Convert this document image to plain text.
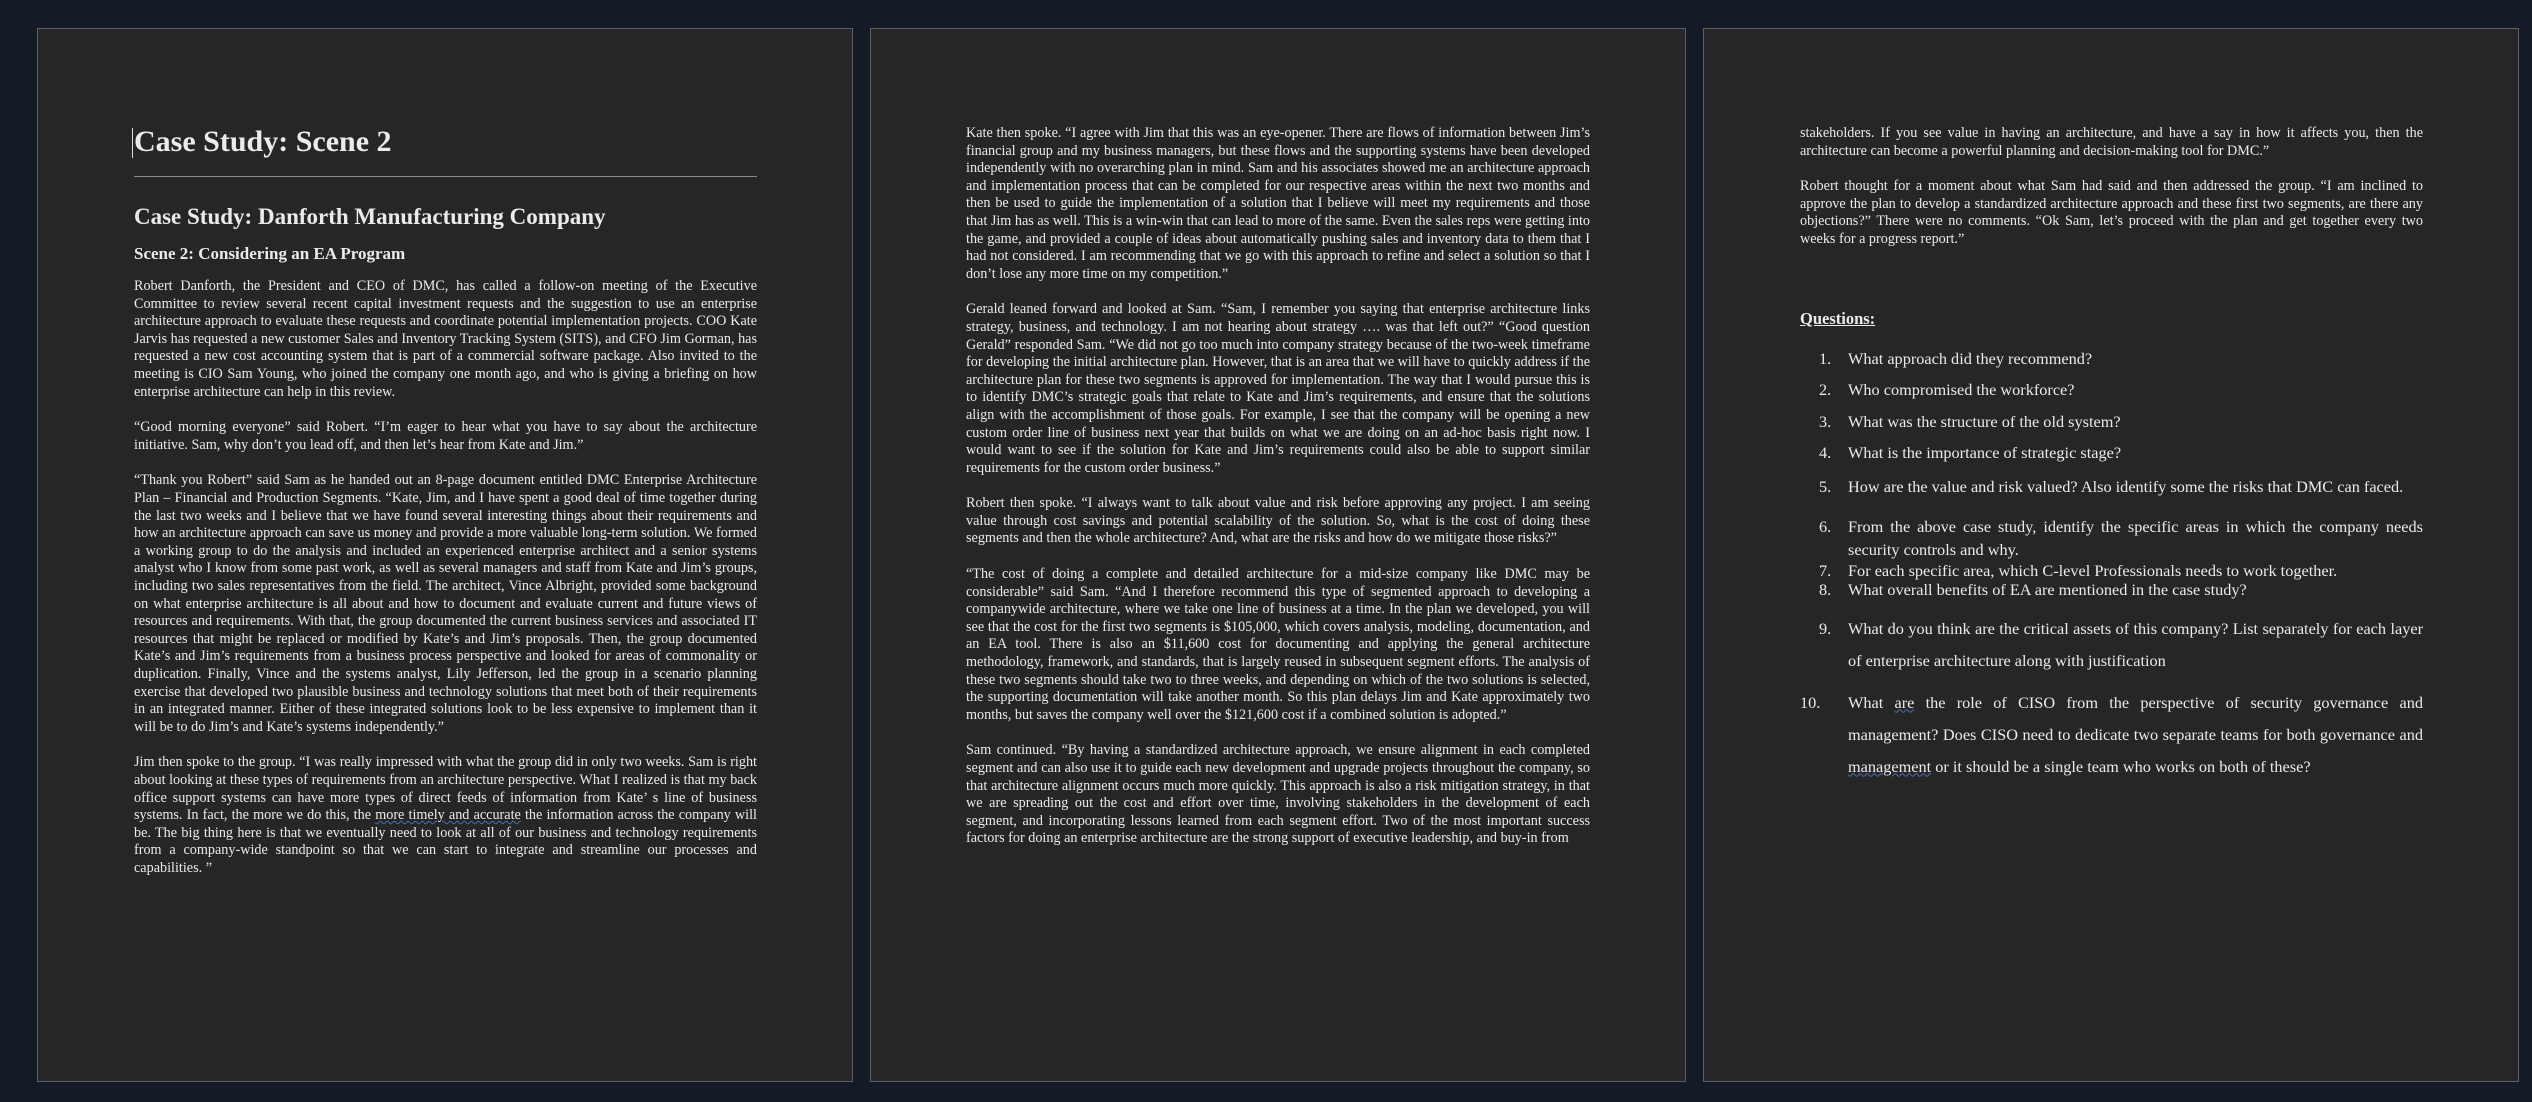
Case Study: Scene 2
Case Study: Danforth Manufacturing Company
Scene 2: Considering an EA Program

Robert Danforth, the President and CEO of DMC, has called a follow-on meeting of the Executive Committee to review several recent capital investment requests and the suggestion to use an enterprise architecture approach to evaluate these requests and coordinate potential implementation projects. COO Kate Jarvis has requested a new customer Sales and Inventory Tracking System (SITS), and CFO Jim Gorman, has requested a new cost accounting system that is part of a commercial software package. Also invited to the meeting is CIO Sam Young, who joined the company one month ago, and who is giving a briefing on how enterprise architecture can help in this review.

“Good morning everyone” said Robert. “I’m eager to hear what you have to say about the architecture initiative. Sam, why don’t you lead off, and then let’s hear from Kate and Jim.”

“Thank you Robert” said Sam as he handed out an 8-page document entitled DMC Enterprise Architecture Plan – Financial and Production Segments. “Kate, Jim, and I have spent a good deal of time together during the last two weeks and I believe that we have found several interesting things about their requirements and how an architecture approach can save us money and provide a more valuable long-term solution. We formed a working group to do the analysis and included an experienced enterprise architect and a senior systems analyst who I know from some past work, as well as several managers and staff from Kate and Jim’s groups, including two sales representatives from the field. The architect, Vince Albright, provided some background on what enterprise architecture is all about and how to document and evaluate current and future views of resources and requirements. With that, the group documented the current business services and associated IT resources that might be replaced or modified by Kate’s and Jim’s proposals. Then, the group documented Kate’s and Jim’s requirements from a business process perspective and looked for areas of commonality or duplication. Finally, Vince and the systems analyst, Lily Jefferson, led the group in a scenario planning exercise that developed two plausible business and technology solutions that meet both of their requirements in an integrated manner. Either of these integrated solutions look to be less expensive to implement than it will be to do Jim’s and Kate’s systems independently.”

Jim then spoke to the group. “I was really impressed with what the group did in only two weeks. Sam is right about looking at these types of requirements from an architecture perspective. What I realized is that my back office support systems can have more types of direct feeds of information from Kate’ s line of business systems. In fact, the more we do this, the more timely and accurate the information across the company will be. The big thing here is that we eventually need to look at all of our business and technology requirements from a company-wide standpoint so that we can start to integrate and streamline our processes and capabilities. ”

Kate then spoke. “I agree with Jim that this was an eye-opener. There are flows of information between Jim’s financial group and my business managers, but these flows and the supporting systems have been developed independently with no overarching plan in mind. Sam and his associates showed me an architecture approach and implementation process that can be completed for our respective areas within the next two months and then be used to guide the implementation of a solution that I believe will meet my requirements and those that Jim has as well. This is a win-win that can lead to more of the same. Even the sales reps were getting into the game, and provided a couple of ideas about automatically pushing sales and inventory data to them that I had not considered. I am recommending that we go with this approach to refine and select a solution so that I don’t lose any more time on my competition.”

Gerald leaned forward and looked at Sam. “Sam, I remember you saying that enterprise architecture links strategy, business, and technology. I am not hearing about strategy …. was that left out?” “Good question Gerald” responded Sam. “We did not go too much into company strategy because of the two-week timeframe for developing the initial architecture plan. However, that is an area that we will have to quickly address if the architecture plan for these two segments is approved for implementation. The way that I would pursue this is to identify DMC’s strategic goals that relate to Kate and Jim’s requirements, and ensure that the solutions align with the accomplishment of those goals. For example, I see that the company will be opening a new custom order line of business next year that builds on what we are doing on an ad-hoc basis right now. I would want to see if the solution for Kate and Jim’s requirements could also be able to support similar requirements for the custom order business.”

Robert then spoke. “I always want to talk about value and risk before approving any project. I am seeing value through cost savings and potential scalability of the solution. So, what is the cost of doing these segments and then the whole architecture? And, what are the risks and how do we mitigate those risks?”

“The cost of doing a complete and detailed architecture for a mid-size company like DMC may be considerable” said Sam. “And I therefore recommend this type of segmented approach to developing a companywide architecture, where we take one line of business at a time. In the plan we developed, you will see that the cost for the first two segments is $105,000, which covers analysis, modeling, documentation, and an EA tool. There is also an $11,600 cost for documenting and applying the general architecture methodology, framework, and standards, that is largely reused in subsequent segment efforts. The analysis of these two segments should take two to three weeks, and depending on which of the two solutions is selected, the supporting documentation will take another month. So this plan delays Jim and Kate approximately two months, but saves the company well over the $121,600 cost if a combined solution is adopted.”

Sam continued. “By having a standardized architecture approach, we ensure alignment in each completed segment and can also use it to guide each new development and upgrade projects throughout the company, so that architecture alignment occurs much more quickly. This approach is also a risk mitigation strategy, in that we are spreading out the cost and effort over time, involving stakeholders in the development of each segment, and incorporating lessons learned from each segment effort. Two of the most important success factors for doing an enterprise architecture are the strong support of executive leadership, and buy-in from

stakeholders. If you see value in having an architecture, and have a say in how it affects you, then the architecture can become a powerful planning and decision-making tool for DMC.”

Robert thought for a moment about what Sam had said and then addressed the group. “I am inclined to approve the plan to develop a standardized architecture approach and these first two segments, are there any objections?” There were no comments. “Ok Sam, let’s proceed with the plan and get together every two weeks for a progress report.”

Questions:
1. What approach did they recommend?
2. Who compromised the workforce?
3. What was the structure of the old system?
4. What is the importance of strategic stage?
5. How are the value and risk valued? Also identify some the risks that DMC can faced.
6. From the above case study, identify the specific areas in which the company needs security controls and why.
7. For each specific area, which C-level Professionals needs to work together.
8. What overall benefits of EA are mentioned in the case study?
9. What do you think are the critical assets of this company? List separately for each layer of enterprise architecture along with justification
10. What are the role of CISO from the perspective of security governance and management? Does CISO need to dedicate two separate teams for both governance and management or it should be a single team who works on both of these?
